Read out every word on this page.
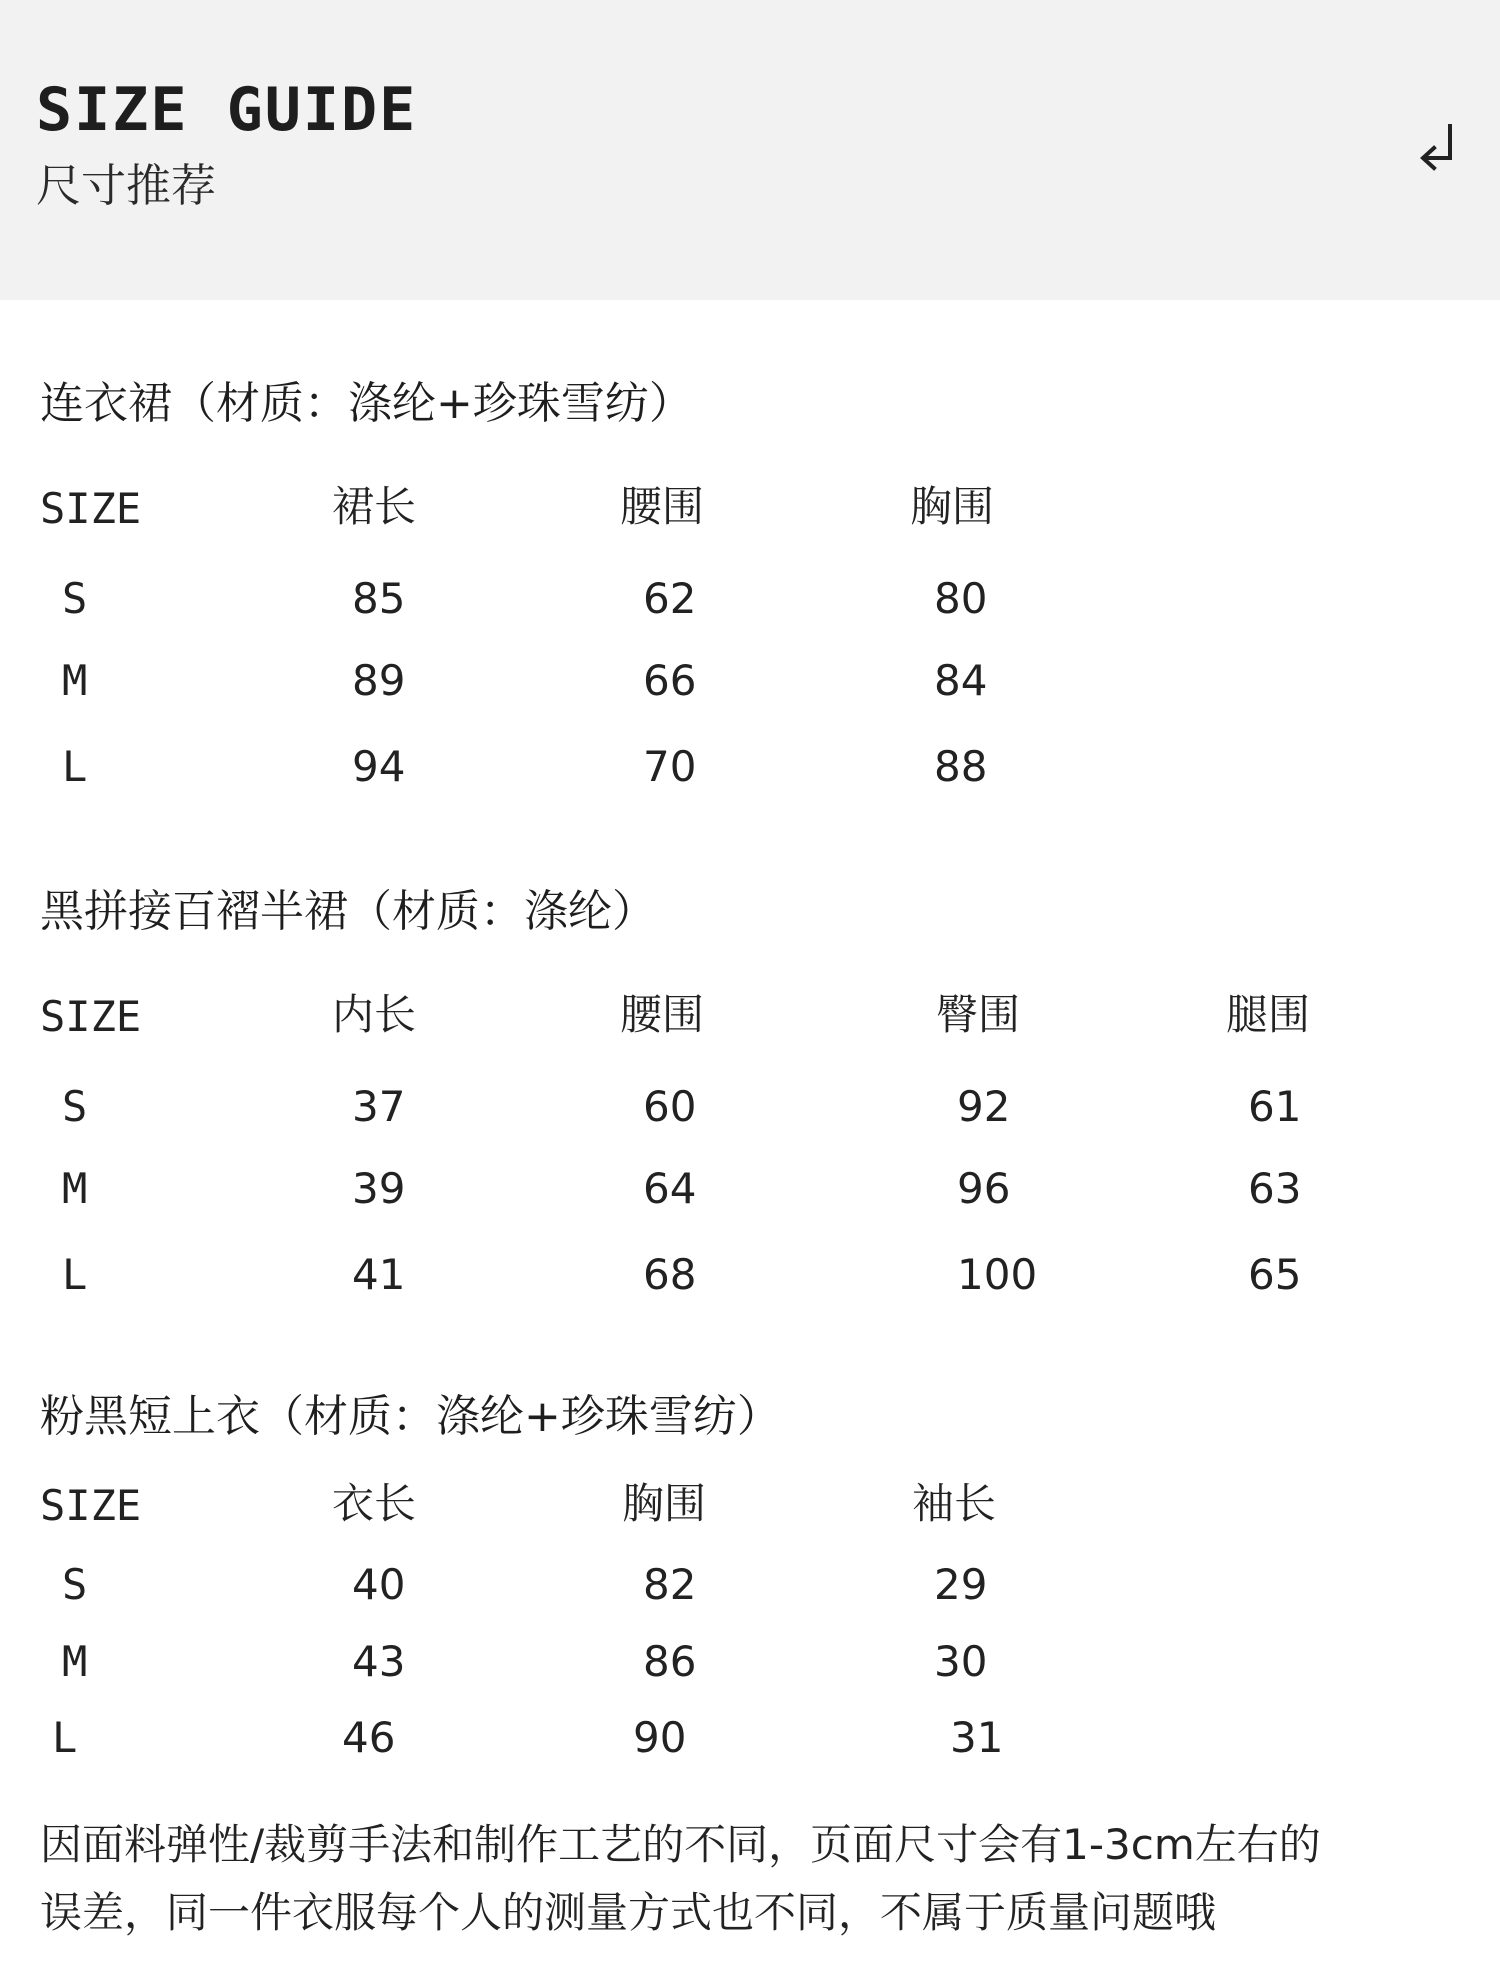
SIZE GUIDE
尺寸推荐
连衣裙（材质：涤纶+珍珠雪纺）
SIZE	裙长	腰围	胸围
S	85	62	80
M	89	66	84
L	94	70	88
黑拼接百褶半裙（材质：涤纶）
SIZE	内长	腰围	臀围	腿围
S	37	60	92	61
M	39	64	96	63
L	41	68	100	65
粉黑短上衣（材质：涤纶+珍珠雪纺）
SIZE	衣长	胸围	袖长
S	40	82	29
M	43	86	30
L	46	90	31
因面料弹性/裁剪手法和制作工艺的不同，页面尺寸会有1-3cm左右的
误差，同一件衣服每个人的测量方式也不同，不属于质量问题哦
